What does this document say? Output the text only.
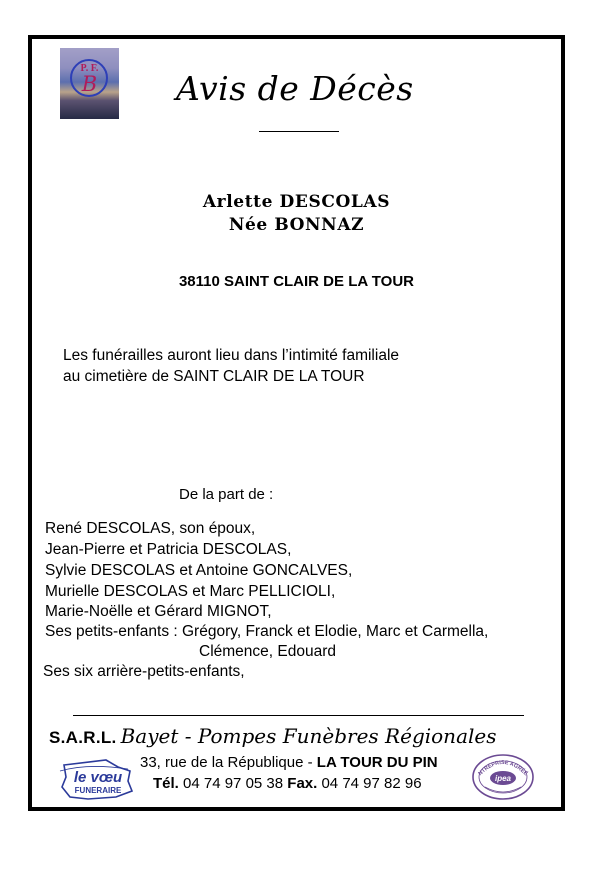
P. F.
B	Avis de Décès
Arlette DESCOLAS
Née BONNAZ
38110 SAINT CLAIR DE LA TOUR
Les funérailles auront lieu dans l’intimité familiale
au cimetière de SAINT CLAIR DE LA TOUR
De la part de :
René DESCOLAS, son époux,
Jean-Pierre et Patricia DESCOLAS,
Sylvie DESCOLAS et Antoine GONCALVES,
Murielle DESCOLAS et Marc PELLICIOLI,
Marie-Noëlle et Gérard MIGNOT,
Ses petits-enfants : Grégory, Franck et Elodie, Marc et Carmella,
Clémence, Edouard
Ses six arrière-petits-enfants,
S.A.R.L. Bayet - Pompes Funèbres Régionales
33, rue de la République - LA TOUR DU PIN
Tél. 04 74 97 05 38 Fax. 04 74 97 82 96
le vœu
FUNERAIRE
NTREPRISE AGRÉÉ
ipea
